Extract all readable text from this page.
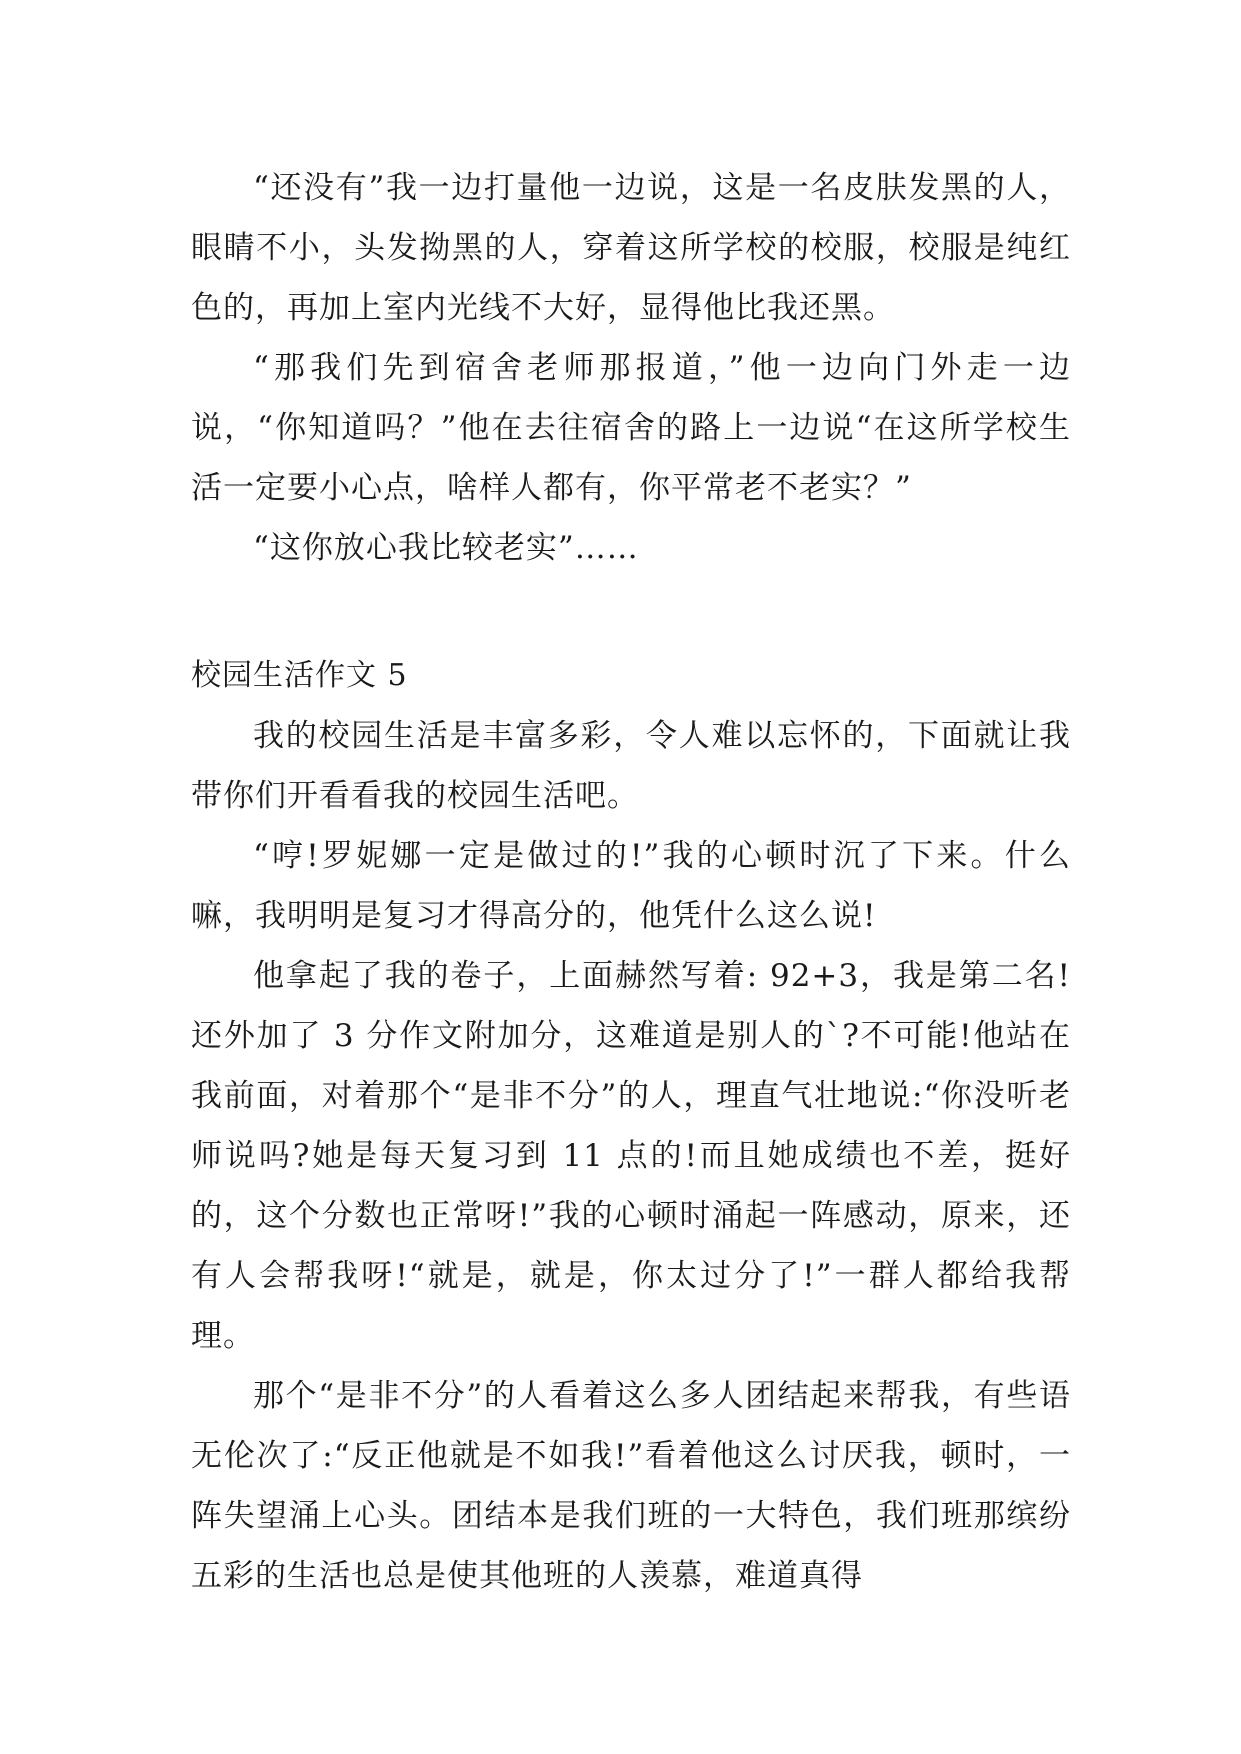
“还没有”我一边打量他一边说，这是一名皮肤发黑的人，眼睛不小，头发拗黑的人，穿着这所学校的校服，校服是纯红色的，再加上室内光线不大好，显得他比我还黑。

“那我们先到宿舍老师那报道，”他一边向门外走一边说，“你知道吗？”他在去往宿舍的路上一边说“在这所学校生活一定要小心点，啥样人都有，你平常老不老实？”

“这你放心我比较老实”……

校园生活作文 5

我的校园生活是丰富多彩，令人难以忘怀的，下面就让我带你们开看看我的校园生活吧。

“哼!罗妮娜一定是做过的!”我的心顿时沉了下来。什么嘛，我明明是复习才得高分的，他凭什么这么说!

他拿起了我的卷子，上面赫然写着: 92+3，我是第二名!还外加了 3 分作文附加分，这难道是别人的`?不可能!他站在我前面，对着那个“是非不分”的人，理直气壮地说:“你没听老师说吗?她是每天复习到 11 点的!而且她成绩也不差，挺好的，这个分数也正常呀!”我的心顿时涌起一阵感动，原来，还有人会帮我呀!“就是，就是，你太过分了!”一群人都给我帮理。

那个“是非不分”的人看着这么多人团结起来帮我，有些语无伦次了:“反正他就是不如我!”看着他这么讨厌我，顿时，一阵失望涌上心头。团结本是我们班的一大特色，我们班那缤纷五彩的生活也总是使其他班的人羡慕，难道真得
